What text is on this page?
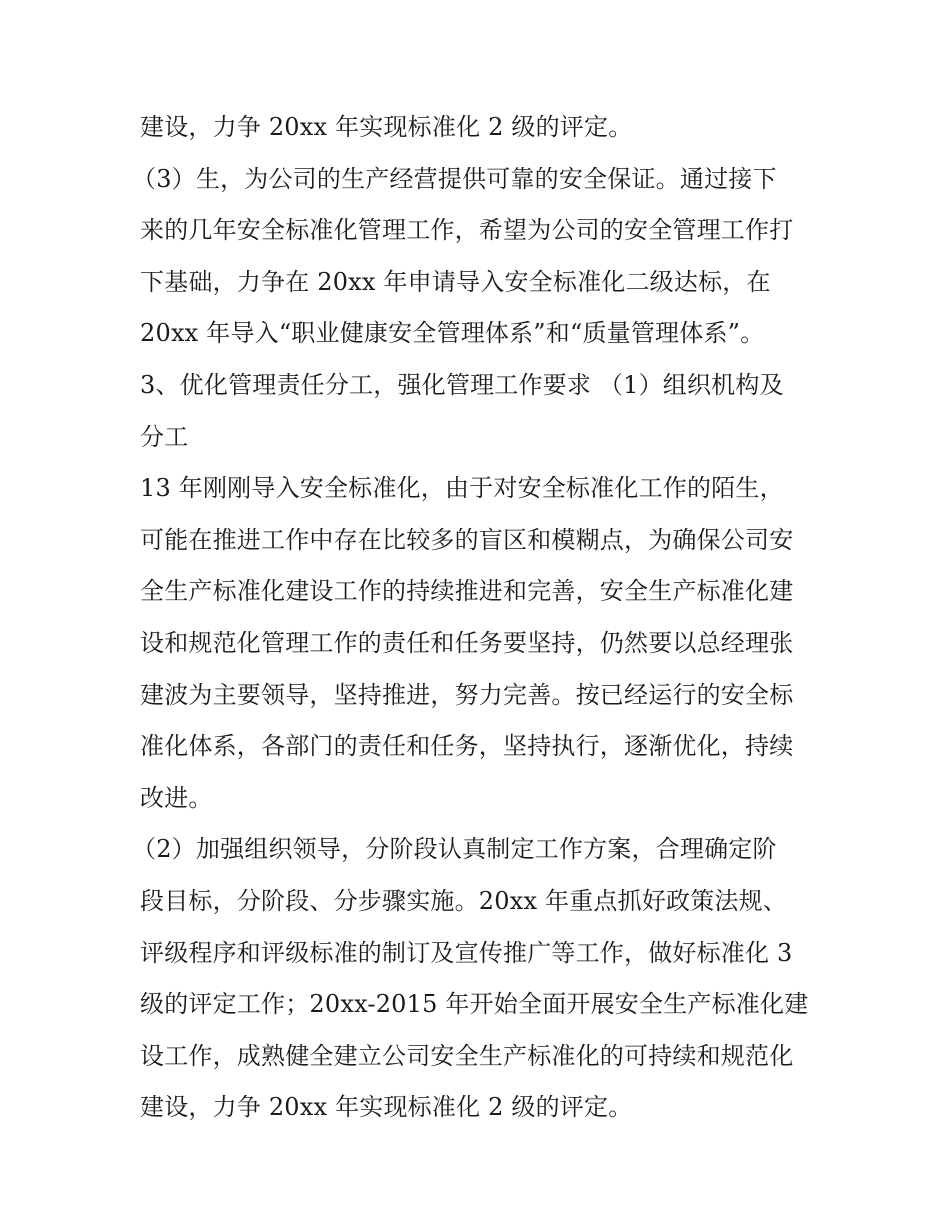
建设，力争 20xx 年实现标准化 2 级的评定。
（3）生，为公司的生产经营提供可靠的安全保证。通过接下
来的几年安全标准化管理工作，希望为公司的安全管理工作打
下基础，力争在 20xx 年申请导入安全标准化二级达标，在
20xx 年导入“职业健康安全管理体系”和“质量管理体系”。
3、优化管理责任分工，强化管理工作要求 （1）组织机构及
分工
13 年刚刚导入安全标准化，由于对安全标准化工作的陌生，
可能在推进工作中存在比较多的盲区和模糊点，为确保公司安
全生产标准化建设工作的持续推进和完善，安全生产标准化建
设和规范化管理工作的责任和任务要坚持，仍然要以总经理张
建波为主要领导，坚持推进，努力完善。按已经运行的安全标
准化体系，各部门的责任和任务，坚持执行，逐渐优化，持续
改进。
（2）加强组织领导，分阶段认真制定工作方案，合理确定阶
段目标，分阶段、分步骤实施。20xx 年重点抓好政策法规、
评级程序和评级标准的制订及宣传推广等工作，做好标准化 3
级的评定工作；20xx-2015 年开始全面开展安全生产标准化建
设工作，成熟健全建立公司安全生产标准化的可持续和规范化
建设，力争 20xx 年实现标准化 2 级的评定。
